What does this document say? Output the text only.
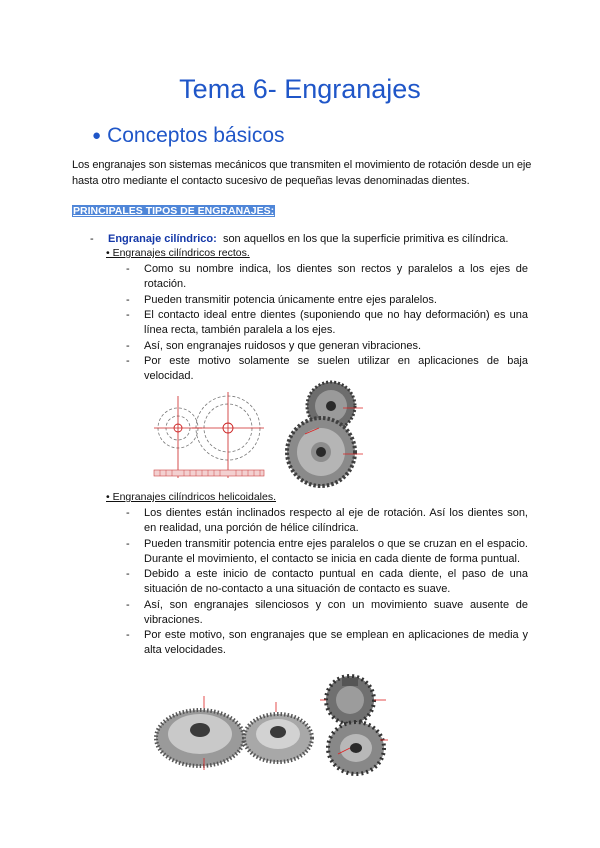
Tema 6- Engranajes
● Conceptos básicos
Los engranajes son sistemas mecánicos que transmiten el movimiento de rotación desde un eje hasta otro mediante el contacto sucesivo de pequeñas levas denominadas dientes.
PRINCIPALES TIPOS DE ENGRANAJES:
- Engranaje cilíndrico: son aquellos en los que la superficie primitiva es cilíndrica.
• Engranajes cilíndricos rectos.
- Como su nombre indica, los dientes son rectos y paralelos a los ejes de rotación.
- Pueden transmitir potencia únicamente entre ejes paralelos.
- El contacto ideal entre dientes (suponiendo que no hay deformación) es una línea recta, también paralela a los ejes.
- Así, son engranajes ruidosos y que generan vibraciones.
- Por este motivo solamente se suelen utilizar en aplicaciones de baja velocidad.
• Engranajes cilíndricos helicoidales.
- Los dientes están inclinados respecto al eje de rotación. Así los dientes son, en realidad, una porción de hélice cilíndrica.
- Pueden transmitir potencia entre ejes paralelos o que se cruzan en el espacio. Durante el movimiento, el contacto se inicia en cada diente de forma puntual.
- Debido a este inicio de contacto puntual en cada diente, el paso de una situación de no-contacto a una situación de contacto es suave.
- Así, son engranajes silenciosos y con un movimiento suave ausente de vibraciones.
- Por este motivo, son engranajes que se emplean en aplicaciones de media y alta velocidades.
